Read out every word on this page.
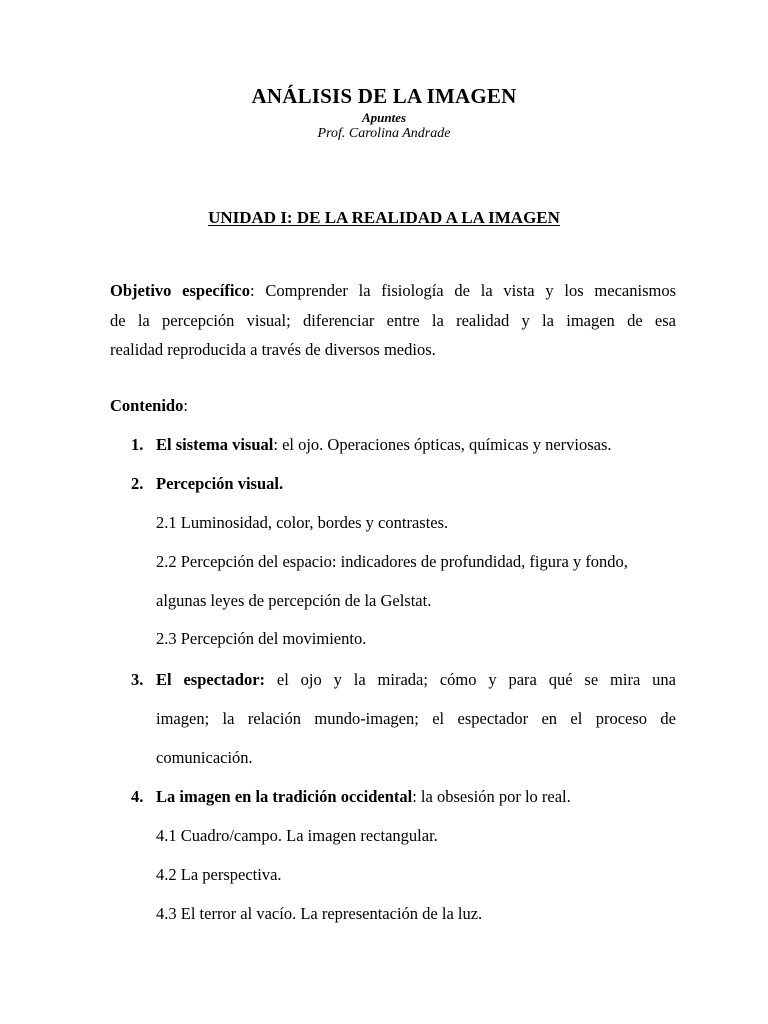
ANÁLISIS DE LA IMAGEN
Apuntes
Prof. Carolina Andrade
UNIDAD I: DE LA REALIDAD A LA IMAGEN
Objetivo específico: Comprender la fisiología de la vista y los mecanismos
de la percepción visual; diferenciar entre la realidad y la imagen de esa
realidad reproducida a través de diversos medios.
Contenido:
1. El sistema visual: el ojo. Operaciones ópticas, químicas y nerviosas.
2. Percepción visual.
2.1 Luminosidad, color, bordes y contrastes.
2.2 Percepción del espacio: indicadores de profundidad, figura y fondo,
algunas leyes de percepción de la Gelstat.
2.3 Percepción del movimiento.
3. El espectador: el ojo y la mirada; cómo y para qué se mira una
imagen; la relación mundo-imagen; el espectador en el proceso de
comunicación.
4. La imagen en la tradición occidental: la obsesión por lo real.
4.1 Cuadro/campo. La imagen rectangular.
4.2 La perspectiva.
4.3 El terror al vacío. La representación de la luz.
